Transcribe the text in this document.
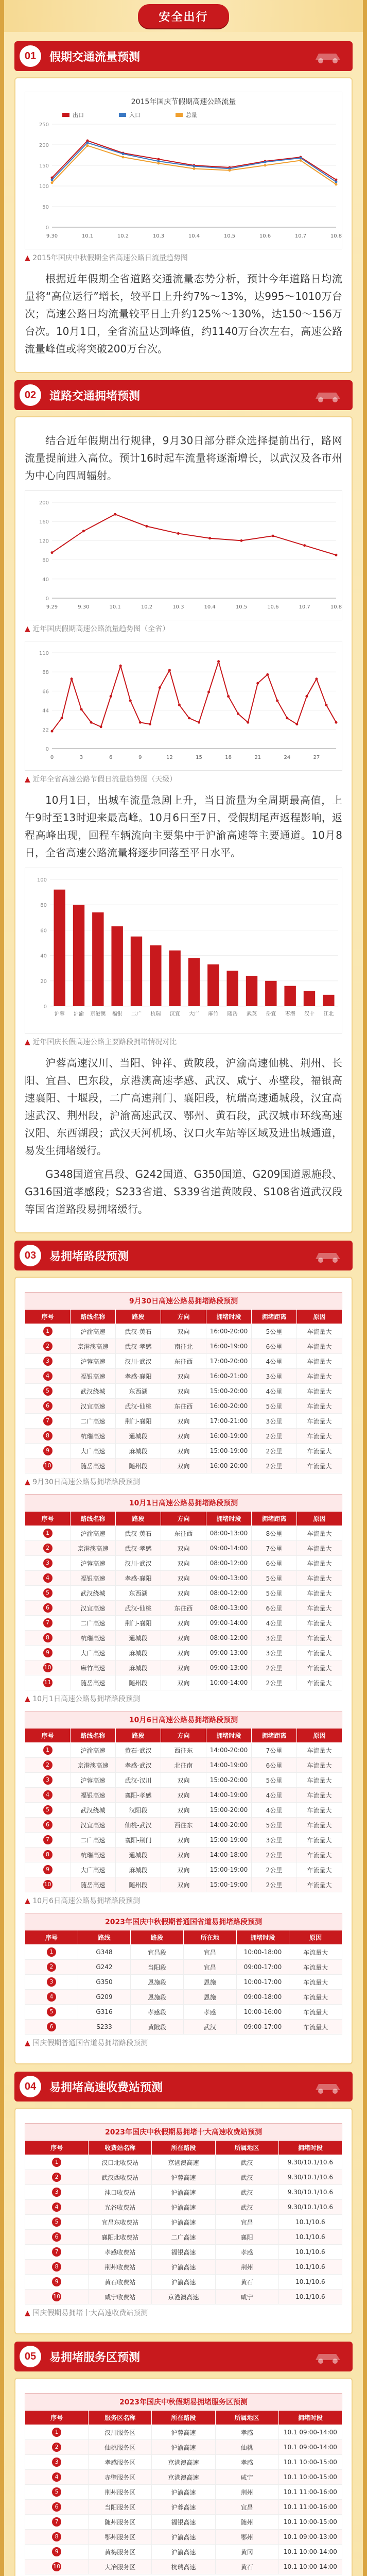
安全出行
01	假期交通流量预测
2015年国庆节假期高速公路流量
0
50
100
150
200
250
9.30	10.1	10.2	10.3	10.4	10.5	10.6	10.7	10.8
出口	入口	总量
▲ 2015年国庆中秋假期全省高速公路日流量趋势图

根据近年假期全省道路交通流量态势分析，预计今年道路日均流量将“高位运行”增长，较平日上升约7%～13%，达995～1010万台次；高速公路日均流量较平日上升约125%～130%，达150～156万台次。10月1日，全省流量达到峰值，约1140万台次左右，高速公路流量峰值或将突破200万台次。

02	道路交通拥堵预测

结合近年假期出行规律，9月30日部分群众选择提前出行，路网流量提前进入高位。预计16时起车流量将逐渐增长，以武汉及各市州为中心向四周辐射。

0
40
80
120
160
200
9.29	9.30	10.1	10.2	10.3	10.4	10.5	10.6	10.7	10.8
▲ 近年国庆假期高速公路流量趋势图（全省）
0
22
44
66
88
110
0	3	6	9	12	15	18	21	24	27
▲ 近年全省高速公路节假日流量趋势图（天级）

10月1日，出城车流量急剧上升，当日流量为全周期最高值，上午9时至13时迎来最高峰。10月6日至7日，受假期尾声返程影响，返程高峰出现，回程车辆流向主要集中于沪渝高速等主要通道。10月8日，全省高速公路流量将逐步回落至平日水平。

0
20
40
60
80
100
沪蓉 沪渝 京港澳 福银 二广 杭瑞 汉宜 大广 麻竹 随岳 武英 岳宜 枣潜 汉十 江北
▲ 近年国庆长假高速公路主要路段拥堵情况对比

沪蓉高速汉川、当阳、钟祥、黄陂段，沪渝高速仙桃、荆州、长阳、宜昌、巴东段，京港澳高速孝感、武汉、咸宁、赤壁段，福银高速襄阳、十堰段，二广高速荆门、襄阳段，杭瑞高速通城段，汉宜高速武汉、荆州段，沪渝高速武汉、鄂州、黄石段，武汉城市环线高速汉阳、东西湖段；武汉天河机场、汉口火车站等区域及进出城通道，易发生拥堵缓行。

G348国道宜昌段、G242国道、G350国道、G209国道恩施段、G316国道孝感段；S233省道、S339省道黄陂段、S108省道武汉段等国省道路段易拥堵缓行。

03	易拥堵路段预测
9月30日高速公路易拥堵路段预测
序号	路线名称	路段	方向	拥堵时段	拥堵距离	原因
1	沪渝高速	武汉-黄石	双向	16:00-20:00	5公里	车流量大
2	京港澳高速	武汉-孝感	南往北	16:00-19:00	6公里	车流量大
3	沪蓉高速	汉川-武汉	东往西	17:00-20:00	4公里	车流量大
4	福银高速	孝感-襄阳	双向	16:00-21:00	3公里	车流量大
5	武汉绕城	东西湖	双向	15:00-20:00	4公里	车流量大
6	汉宜高速	武汉-仙桃	东往西	16:00-20:00	5公里	车流量大
7	二广高速	荆门-襄阳	双向	17:00-21:00	3公里	车流量大
8	杭瑞高速	通城段	双向	16:00-19:00	2公里	车流量大
9	大广高速	麻城段	双向	15:00-19:00	2公里	车流量大
10	随岳高速	随州段	双向	16:00-20:00	2公里	车流量大
▲ 9月30日高速公路易拥堵路段预测
10月1日高速公路易拥堵路段预测
序号	路线名称	路段	方向	拥堵时段	拥堵距离	原因
1	沪渝高速	武汉-黄石	东往西	08:00-13:00	8公里	车流量大
2	京港澳高速	武汉-孝感	双向	09:00-14:00	7公里	车流量大
3	沪蓉高速	汉川-武汉	双向	08:00-12:00	6公里	车流量大
4	福银高速	孝感-襄阳	双向	09:00-13:00	5公里	车流量大
5	武汉绕城	东西湖	双向	08:00-12:00	5公里	车流量大
6	汉宜高速	武汉-仙桃	东往西	08:00-13:00	6公里	车流量大
7	二广高速	荆门-襄阳	双向	09:00-14:00	4公里	车流量大
8	杭瑞高速	通城段	双向	08:00-12:00	3公里	车流量大
9	大广高速	麻城段	双向	09:00-13:00	3公里	车流量大
10	麻竹高速	麻城段	双向	09:00-13:00	2公里	车流量大
11	随岳高速	随州段	双向	10:00-14:00	2公里	车流量大
▲ 10月1日高速公路易拥堵路段预测
10月6日高速公路易拥堵路段预测
序号	路线名称	路段	方向	拥堵时段	拥堵距离	原因
1	沪渝高速	黄石-武汉	西往东	14:00-20:00	7公里	车流量大
2	京港澳高速	孝感-武汉	北往南	14:00-19:00	6公里	车流量大
3	沪蓉高速	武汉-汉川	双向	15:00-20:00	5公里	车流量大
4	福银高速	襄阳-孝感	双向	14:00-19:00	4公里	车流量大
5	武汉绕城	汉阳段	双向	15:00-20:00	4公里	车流量大
6	汉宜高速	仙桃-武汉	西往东	14:00-20:00	5公里	车流量大
7	二广高速	襄阳-荆门	双向	15:00-19:00	3公里	车流量大
8	杭瑞高速	通城段	双向	14:00-18:00	2公里	车流量大
9	大广高速	麻城段	双向	15:00-19:00	2公里	车流量大
10	随岳高速	随州段	双向	15:00-19:00	2公里	车流量大
▲ 10月6日高速公路易拥堵路段预测
2023年国庆中秋假期普通国省道易拥堵路段预测
序号	路线	路段	所在地	拥堵时段	原因
1	G348	宜昌段	宜昌	10:00-18:00	车流量大
2	G242	当阳段	宜昌	09:00-17:00	车流量大
3	G350	恩施段	恩施	10:00-17:00	车流量大
4	G209	恩施段	恩施	09:00-18:00	车流量大
5	G316	孝感段	孝感	10:00-16:00	车流量大
6	S233	黄陂段	武汉	09:00-17:00	车流量大
▲ 国庆假期普通国省道易拥堵路段预测
04	易拥堵高速收费站预测
2023年国庆中秋假期易拥堵十大高速收费站预测
序号	收费站名称	所在路段	所属地区	拥堵时段
1	汉口北收费站	京港澳高速	武汉	9.30/10.1/10.6
2	武汉西收费站	沪蓉高速	武汉	9.30/10.1/10.6
3	沌口收费站	沪渝高速	武汉	9.30/10.1/10.6
4	光谷收费站	沪渝高速	武汉	9.30/10.1/10.6
5	宜昌东收费站	沪渝高速	宜昌	10.1/10.6
6	襄阳北收费站	二广高速	襄阳	10.1/10.6
7	孝感收费站	福银高速	孝感	10.1/10.6
8	荆州收费站	沪渝高速	荆州	10.1/10.6
9	黄石收费站	沪渝高速	黄石	10.1/10.6
10	咸宁收费站	京港澳高速	咸宁	10.1/10.6
▲ 国庆假期易拥堵十大高速收费站预测
05	易拥堵服务区预测
2023年国庆中秋假期易拥堵服务区预测
序号	服务区名称	所在路段	所属地区	拥堵时段
1	汉川服务区	沪蓉高速	孝感	10.1 09:00-14:00
2	仙桃服务区	沪渝高速	仙桃	10.1 09:00-14:00
3	孝感服务区	京港澳高速	孝感	10.1 10:00-15:00
4	赤壁服务区	京港澳高速	咸宁	10.1 10:00-15:00
5	荆州服务区	沪渝高速	荆州	10.1 11:00-16:00
6	当阳服务区	沪蓉高速	宜昌	10.1 11:00-16:00
7	随州服务区	福银高速	随州	10.1 10:00-15:00
8	鄂州服务区	沪渝高速	鄂州	10.1 09:00-13:00
9	黄梅服务区	沪渝高速	黄冈	10.1 10:00-14:00
10	大冶服务区	杭瑞高速	黄石	10.1 10:00-14:00
